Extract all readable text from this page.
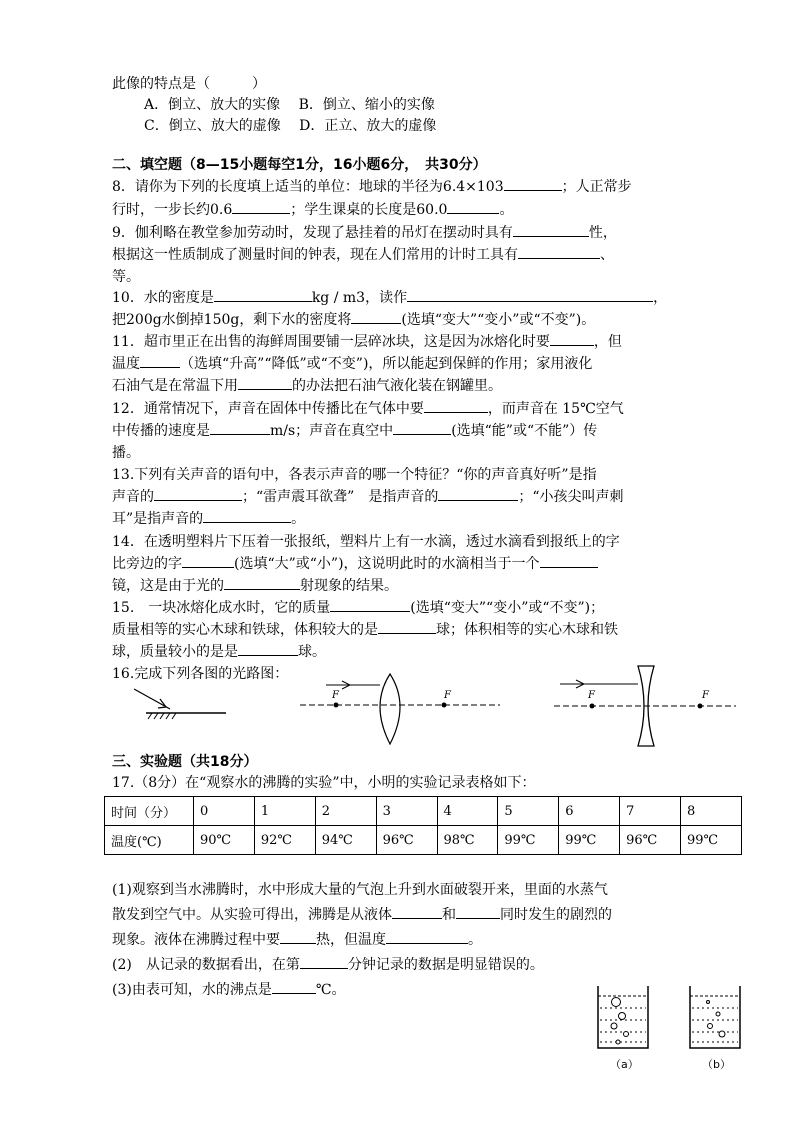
此像的特点是（　　　）
A．倒立、放大的实像　 B．倒立、缩小的实像
C．倒立、放大的虚像　 D．正立、放大的虚像
二、填空题（8—15小题每空1分，16小题6分，　共30分）
8．请你为下列的长度填上适当的单位：地球的半径为6.4×103	；人正常步
行时，一步长约0.6	；学生课桌的长度是60.0	。
9．伽利略在教堂参加劳动时，发现了悬挂着的吊灯在摆动时具有	性，
根据这一性质制成了测量时间的钟表，现在人们常用的计时工具有	、
等。
10．水的密度是	kg / m3，读作	，
把200g水倒掉150g，剩下水的密度将	(选填“变大”“变小”或“不变”)。
11．超市里正在出售的海鲜周围要铺一层碎冰块，这是因为冰熔化时要	，但
温度	（选填“升高”“降低”或“不变”)，所以能起到保鲜的作用；家用液化
石油气是在常温下用	的办法把石油气液化装在钢罐里。
12．通常情况下，声音在固体中传播比在气体中要	，而声音在 15℃空气
中传播的速度是	m/s；声音在真空中	(选填“能”或“不能”）传
播。
13.下列有关声音的语句中，各表示声音的哪一个特征？“你的声音真好听”是指
声音的	；“雷声震耳欲聋”　是指声音的	；“小孩尖叫声刺
耳”是指声音的	。
14．在透明塑料片下压着一张报纸，塑料片上有一水滴，透过水滴看到报纸上的字
比旁边的字	(选填“大”或“小”)，这说明此时的水滴相当于一个
镜，这是由于光的	射现象的结果。
15.　一块冰熔化成水时，它的质量	(选填“变大”“变小”或“不变”)；
质量相等的实心木球和铁球，体积较大的是	球；体积相等的实心木球和铁
球，质量较小的是是	球。
16.完成下列各图的光路图：
F	F	F	F
三、实验题（共18分）
17.（8分）在“观察水的沸腾的实验”中，小明的实验记录表格如下：
时间（分）	0	1	2	3	4	5	6	7	8
温度(℃)	90℃	92℃	94℃	96℃	98℃	99℃	99℃	96℃	99℃
(1)观察到当水沸腾时，水中形成大量的气泡上升到水面破裂开来，里面的水蒸气
散发到空气中。从实验可得出，沸腾是从液体	和	同时发生的剧烈的
现象。液体在沸腾过程中要	热，但温度	。
(2)　从记录的数据看出，在第	分钟记录的数据是明显错误的。
(3)由表可知，水的沸点是	℃。
（a）	（b）
